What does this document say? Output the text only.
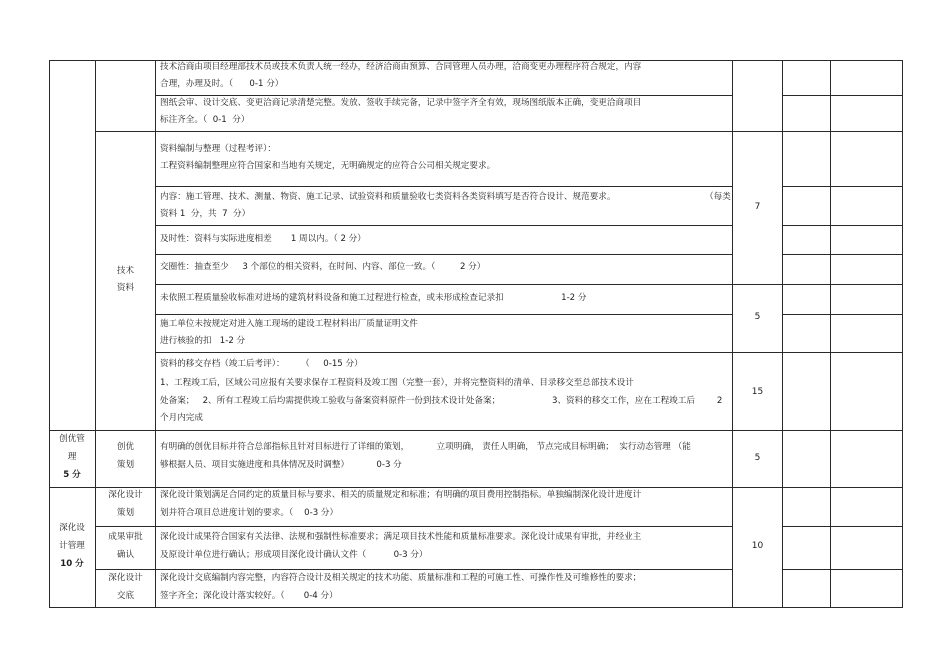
技术洽商由项目经理部技术员或技术负责人统一经办，经济洽商由预算、合同管理人员办理，洽商变更办理程序符合规定，内容
合理，办理及时。（      0-1 分）
图纸会审、设计交底、变更洽商记录清楚完整。发放、签收手续完备，记录中签字齐全有效，现场图纸版本正确，变更洽商项目
标注齐全。（  0-1  分）
资料编制与整理（过程考评）：
工程资料编制整理应符合国家和当地有关规定，无明确规定的应符合公司相关规定要求。
内容：施工管理、技术、测量、物资、施工记录、试验资料和质量验收七类资料各类资料填写是否符合设计、规范要求。	（每类
资料 1  分，共  7  分）
及时性：资料与实际进度相差       1 周以内。（ 2 分）
交圈性：抽查至少     3 个部位的相关资料，在时间、内容、部位一致。（         2 分）
未依照工程质量验收标准对进场的建筑材料设备和施工过程进行检查，或未形成检查记录扣                     1-2 分
施工单位未按规定对进入施工现场的建设工程材料出厂质量证明文件
进行核验的扣   1-2 分
资料的移交存档（竣工后考评）：      （     0-15 分）
1、工程竣工后，区域公司应报有关要求保存工程资料及竣工图（完整一套），并将完整资料的清单、目录移交至总部技术设计
处备案；   2、所有工程竣工后均需提供竣工验收与备案资料原件一份到技术设计处备案；	3、资料的移交工作，应在工程竣工后        2
个月内完成
有明确的创优目标并符合总部指标且针对目标进行了详细的策划，          立项明确， 责任人明确， 节点完成目标明确；  实行动态管理 （能
够根据人员、项目实施进度和具体情况及时调整）          0-3 分
深化设计策划满足合同约定的质量目标与要求、相关的质量规定和标准；有明确的项目费用控制指标。单独编制深化设计进度计
划并符合项目总进度计划的要求。（    0-3 分）
深化设计成果符合国家有关法律、法规和强制性标准要求；满足项目技术性能和质量标准要求。深化设计成果有审批，并经业主
及原设计单位进行确认；形成项目深化设计确认文件（          0-3 分）
深化设计交底编制内容完整，内容符合设计及相关规定的技术功能、质量标准和工程的可施工性、可操作性及可维修性的要求；
签字齐全；深化设计落实较好。（       0-4 分）
技术
资料
创优
策划
深化设计
策划
成果审批
确认
深化设计
交底
创优管
理
5 分
深化设
计管理
10 分
7
5
15
5
10
